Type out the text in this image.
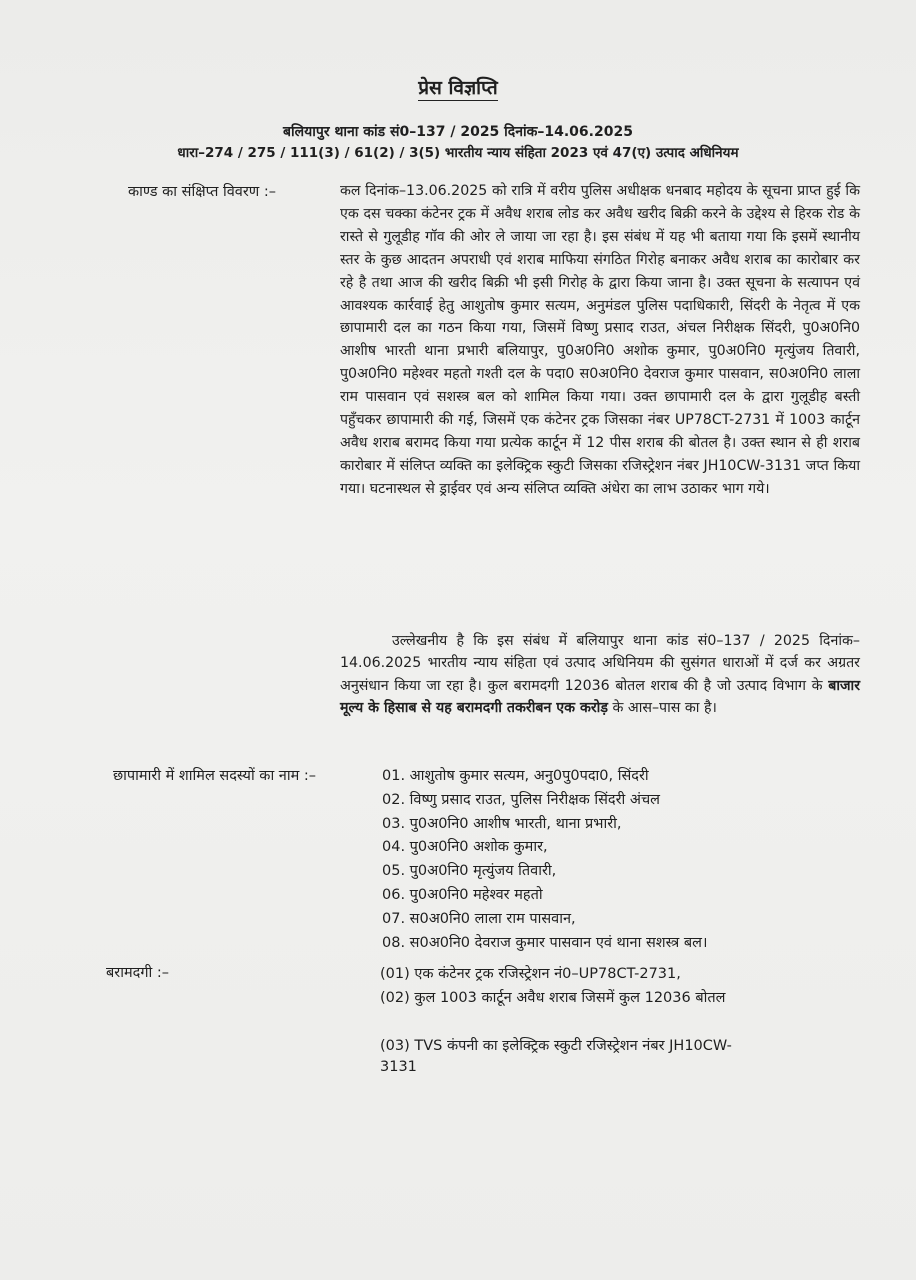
प्रेस विज्ञप्ति
बलियापुर थाना कांड सं0–137 / 2025 दिनांक–14.06.2025
धारा–274 / 275 / 111(3) / 61(2) / 3(5) भारतीय न्याय संहिता 2023 एवं 47(ए) उत्पाद अधिनियम
काण्ड का संक्षिप्त विवरण :–	कल दिनांक–13.06.2025 को रात्रि में वरीय पुलिस अधीक्षक धनबाद महोदय के सूचना प्राप्त हुई कि एक दस चक्का कंटेनर ट्रक में अवैध शराब लोड कर अवैध खरीद बिक्री करने के उद्देश्य से हिरक रोड के रास्ते से गुलूडीह गॉव की ओर ले जाया जा रहा है। इस संबंध में यह भी बताया गया कि इसमें स्थानीय स्तर के कुछ आदतन अपराधी एवं शराब माफिया संगठित गिरोह बनाकर अवैध शराब का कारोबार कर रहे है तथा आज की खरीद बिक्री भी इसी गिरोह के द्वारा किया जाना है। उक्त सूचना के सत्यापन एवं आवश्यक कार्रवाई हेतु आशुतोष कुमार सत्यम, अनुमंडल पुलिस पदाधिकारी, सिंदरी के नेतृत्व में एक छापामारी दल का गठन किया गया, जिसमें विष्णु प्रसाद राउत, अंचल निरीक्षक सिंदरी, पु0अ0नि0 आशीष भारती थाना प्रभारी बलियापुर, पु0अ0नि0 अशोक कुमार, पु0अ0नि0 मृत्युंजय तिवारी, पु0अ0नि0 महेश्वर महतो गश्ती दल के पदा0 स0अ0नि0 देवराज कुमार पासवान, स0अ0नि0 लाला राम पासवान एवं सशस्त्र बल को शामिल किया गया। उक्त छापामारी दल के द्वारा गुलूडीह बस्ती पहुँचकर छापामारी की गई, जिसमें एक कंटेनर ट्रक जिसका नंबर UP78CT-2731 में 1003 कार्टून अवैध शराब बरामद किया गया प्रत्येक कार्टून में 12 पीस शराब की बोतल है। उक्त स्थान से ही शराब कारोबार में संलिप्त व्यक्ति का इलेक्ट्रिक स्कुटी जिसका रजिस्ट्रेशन नंबर JH10CW-3131 जप्त किया गया। घटनास्थल से ड्राईवर एवं अन्य संलिप्त व्यक्ति अंधेरा का लाभ उठाकर भाग गये।

उल्लेखनीय है कि इस संबंध में बलियापुर थाना कांड सं0–137 / 2025 दिनांक–14.06.2025 भारतीय न्याय संहिता एवं उत्पाद अधिनियम की सुसंगत धाराओं में दर्ज कर अग्रतर अनुसंधान किया जा रहा है। कुल बरामदगी 12036 बोतल शराब की है जो उत्पाद विभाग के बाजार मूल्य के हिसाब से यह बरामदगी तकरीबन एक करोड़ के आस–पास का है।

छापामारी में शामिल सदस्यों का नाम :–	01. आशुतोष कुमार सत्यम, अनु0पु0पदा0, सिंदरी
02. विष्णु प्रसाद राउत, पुलिस निरीक्षक सिंदरी अंचल
03. पु0अ0नि0 आशीष भारती, थाना प्रभारी,
04. पु0अ0नि0 अशोक कुमार,
05. पु0अ0नि0 मृत्युंजय तिवारी,
06. पु0अ0नि0 महेश्वर महतो
07. स0अ0नि0 लाला राम पासवान,
08. स0अ0नि0 देवराज कुमार पासवान एवं थाना सशस्त्र बल।
बरामदगी :–	(01) एक कंटेनर ट्रक रजिस्ट्रेशन नं0–UP78CT-2731,
(02) कुल 1003 कार्टून अवैध शराब जिसमें कुल 12036 बोतल
(03) TVS कंपनी का इलेक्ट्रिक स्कुटी रजिस्ट्रेशन नंबर JH10CW-
3131
